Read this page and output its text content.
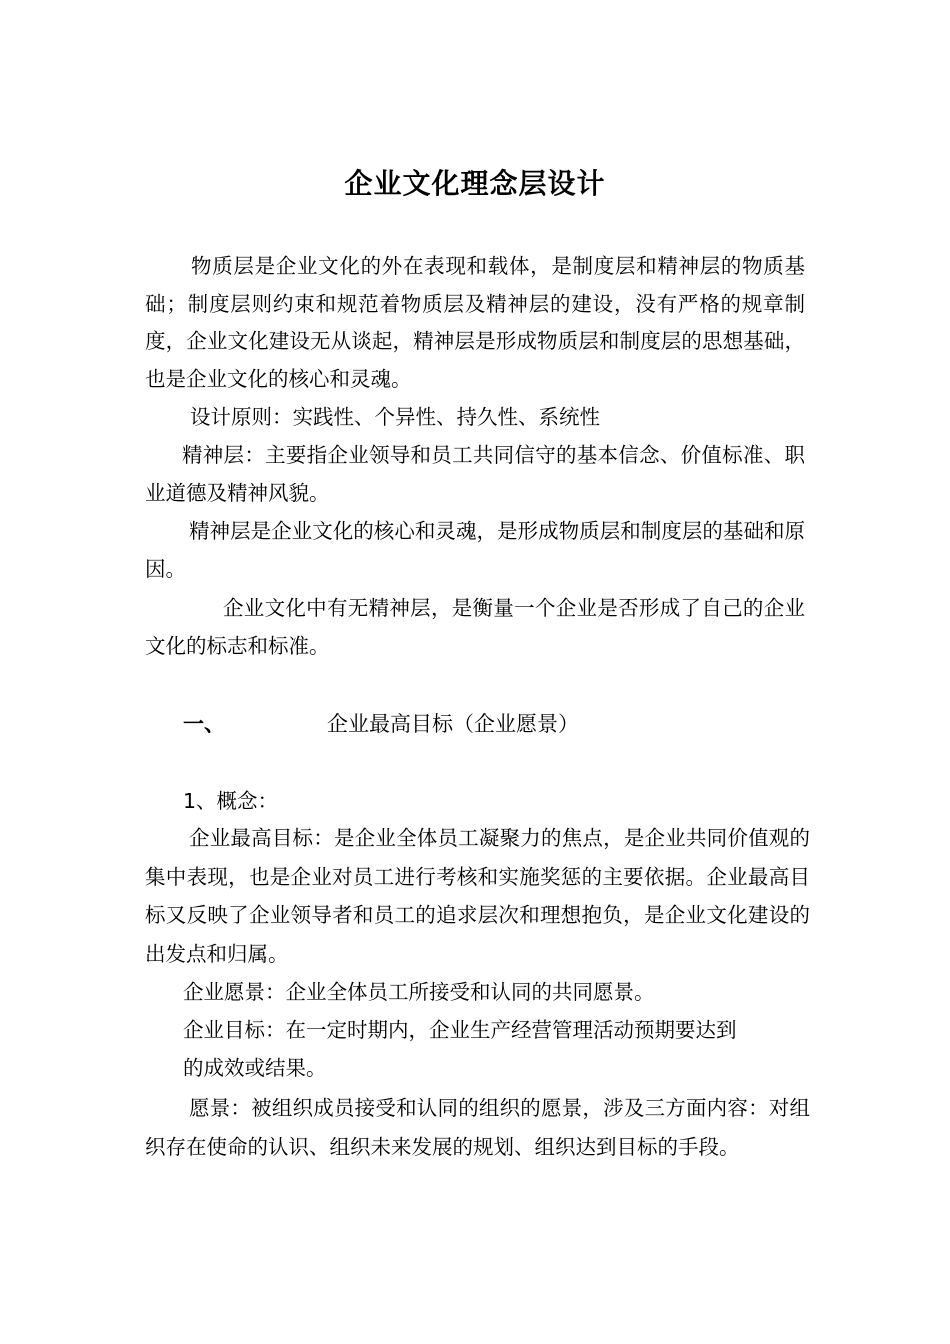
企业文化理念层设计

物质层是企业文化的外在表现和载体，是制度层和精神层的物质基础；制度层则约束和规范着物质层及精神层的建设，没有严格的规章制度，企业文化建设无从谈起，精神层是形成物质层和制度层的思想基础，也是企业文化的核心和灵魂。

设计原则：实践性、个异性、持久性、系统性

精神层：主要指企业领导和员工共同信守的基本信念、价值标准、职业道德及精神风貌。

精神层是企业文化的核心和灵魂，是形成物质层和制度层的基础和原因。

企业文化中有无精神层，是衡量一个企业是否形成了自己的企业文化的标志和标准。

一、	企业最高目标（企业愿景）
1、概念：

企业最高目标：是企业全体员工凝聚力的焦点，是企业共同价值观的集中表现，也是企业对员工进行考核和实施奖惩的主要依据。企业最高目标又反映了企业领导者和员工的追求层次和理想抱负，是企业文化建设的出发点和归属。

企业愿景：企业全体员工所接受和认同的共同愿景。
企业目标：在一定时期内，企业生产经营管理活动预期要达到
的成效或结果。

愿景：被组织成员接受和认同的组织的愿景，涉及三方面内容：对组织存在使命的认识、组织未来发展的规划、组织达到目标的手段。
